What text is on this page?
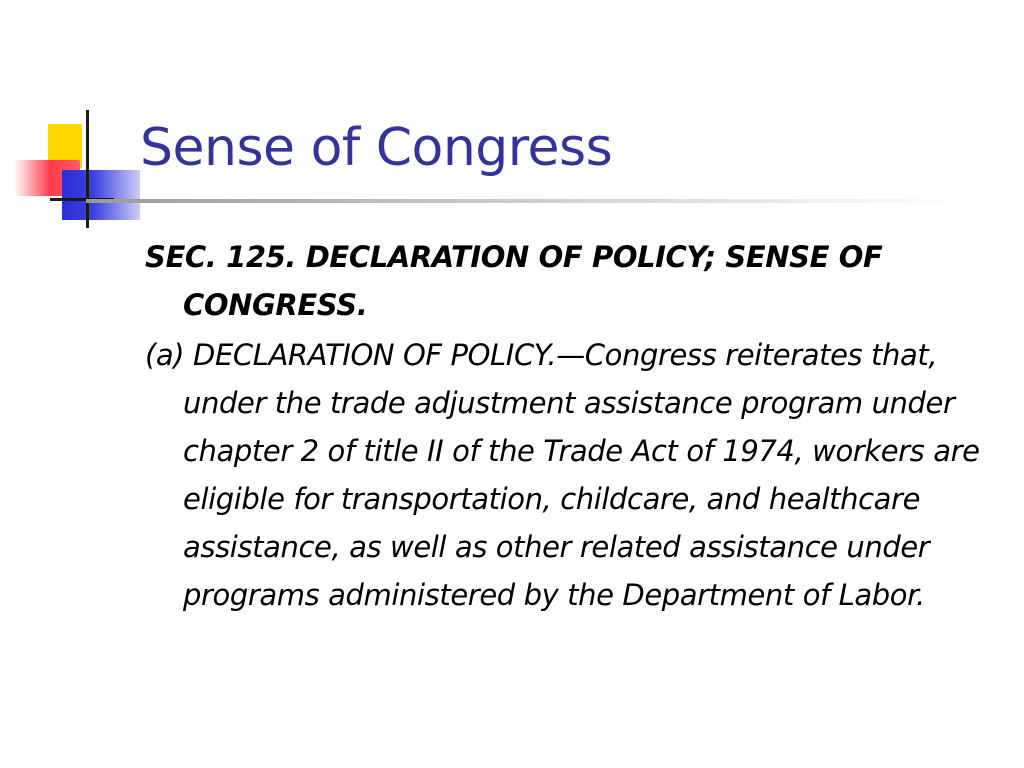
Sense of Congress

SEC. 125. DECLARATION OF POLICY; SENSE OF CONGRESS.

(a) DECLARATION OF POLICY.—Congress reiterates that, under the trade adjustment assistance program under chapter 2 of title II of the Trade Act of 1974, workers are eligible for transportation, childcare, and healthcare assistance, as well as other related assistance under programs administered by the Department of Labor.
